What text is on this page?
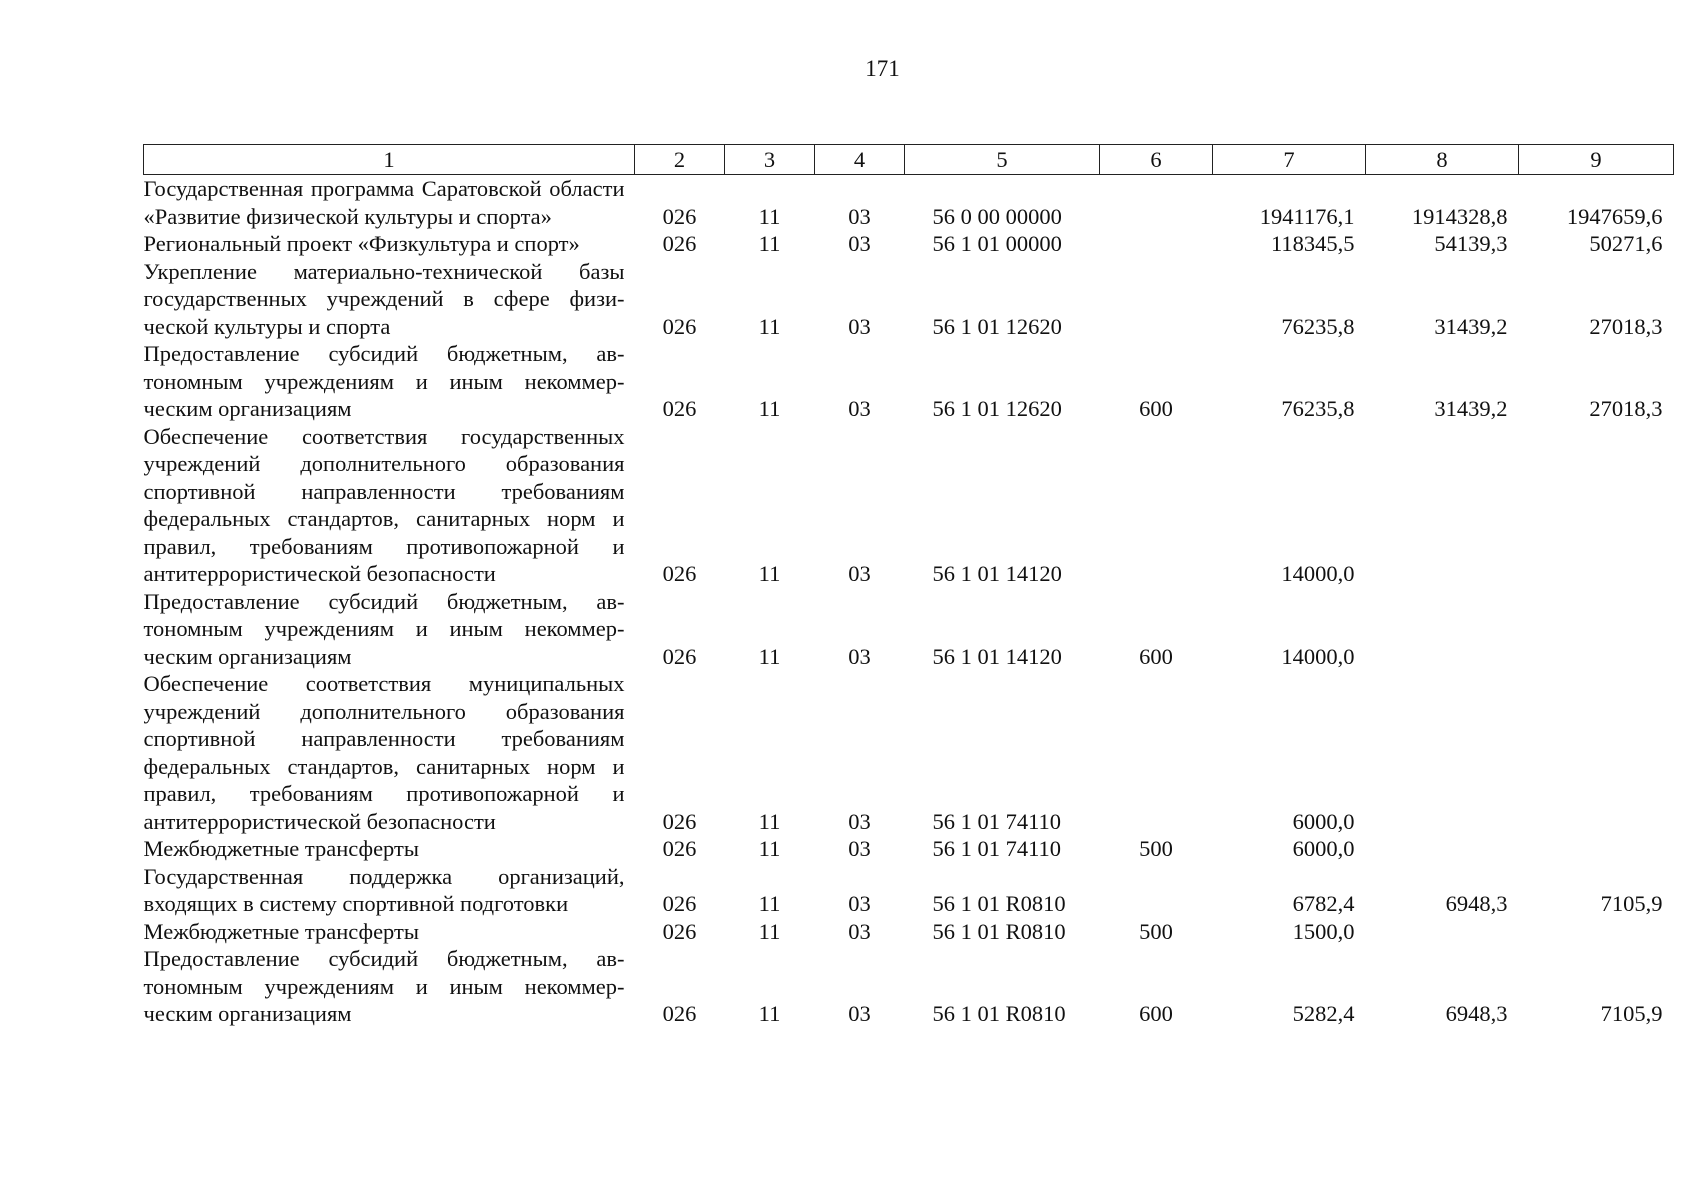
171
1	2	3	4	5	6	7	8	9
Государственная программа Саратовской области «Развитие физической культуры и спорта»	026	11	03	56 0 00 00000		1941176,1	1914328,8	1947659,6
Региональный проект «Физкультура и спорт»	026	11	03	56 1 01 00000		118345,5	54139,3	50271,6
Укрепление материально-технической базы государственных учреждений в сфере физи-ческой культуры и спорта	026	11	03	56 1 01 12620		76235,8	31439,2	27018,3
Предоставление субсидий бюджетным, ав-тономным учреждениям и иным некоммер-ческим организациям	026	11	03	56 1 01 12620	600	76235,8	31439,2	27018,3
Обеспечение соответствия государственных учреждений дополнительного образования спортивной направленности требованиям федеральных стандартов, санитарных норм и правил, требованиям противопожарной и антитеррористической безопасности	026	11	03	56 1 01 14120		14000,0		
Предоставление субсидий бюджетным, ав-тономным учреждениям и иным некоммер-ческим организациям	026	11	03	56 1 01 14120	600	14000,0		
Обеспечение соответствия муниципальных учреждений дополнительного образования спортивной направленности требованиям федеральных стандартов, санитарных норм и правил, требованиям противопожарной и антитеррористической безопасности	026	11	03	56 1 01 74110		6000,0		
Межбюджетные трансферты	026	11	03	56 1 01 74110	500	6000,0		
Государственная поддержка организаций, входящих в систему спортивной подготовки	026	11	03	56 1 01 R0810		6782,4	6948,3	7105,9
Межбюджетные трансферты	026	11	03	56 1 01 R0810	500	1500,0		
Предоставление субсидий бюджетным, ав-тономным учреждениям и иным некоммер-ческим организациям	026	11	03	56 1 01 R0810	600	5282,4	6948,3	7105,9
